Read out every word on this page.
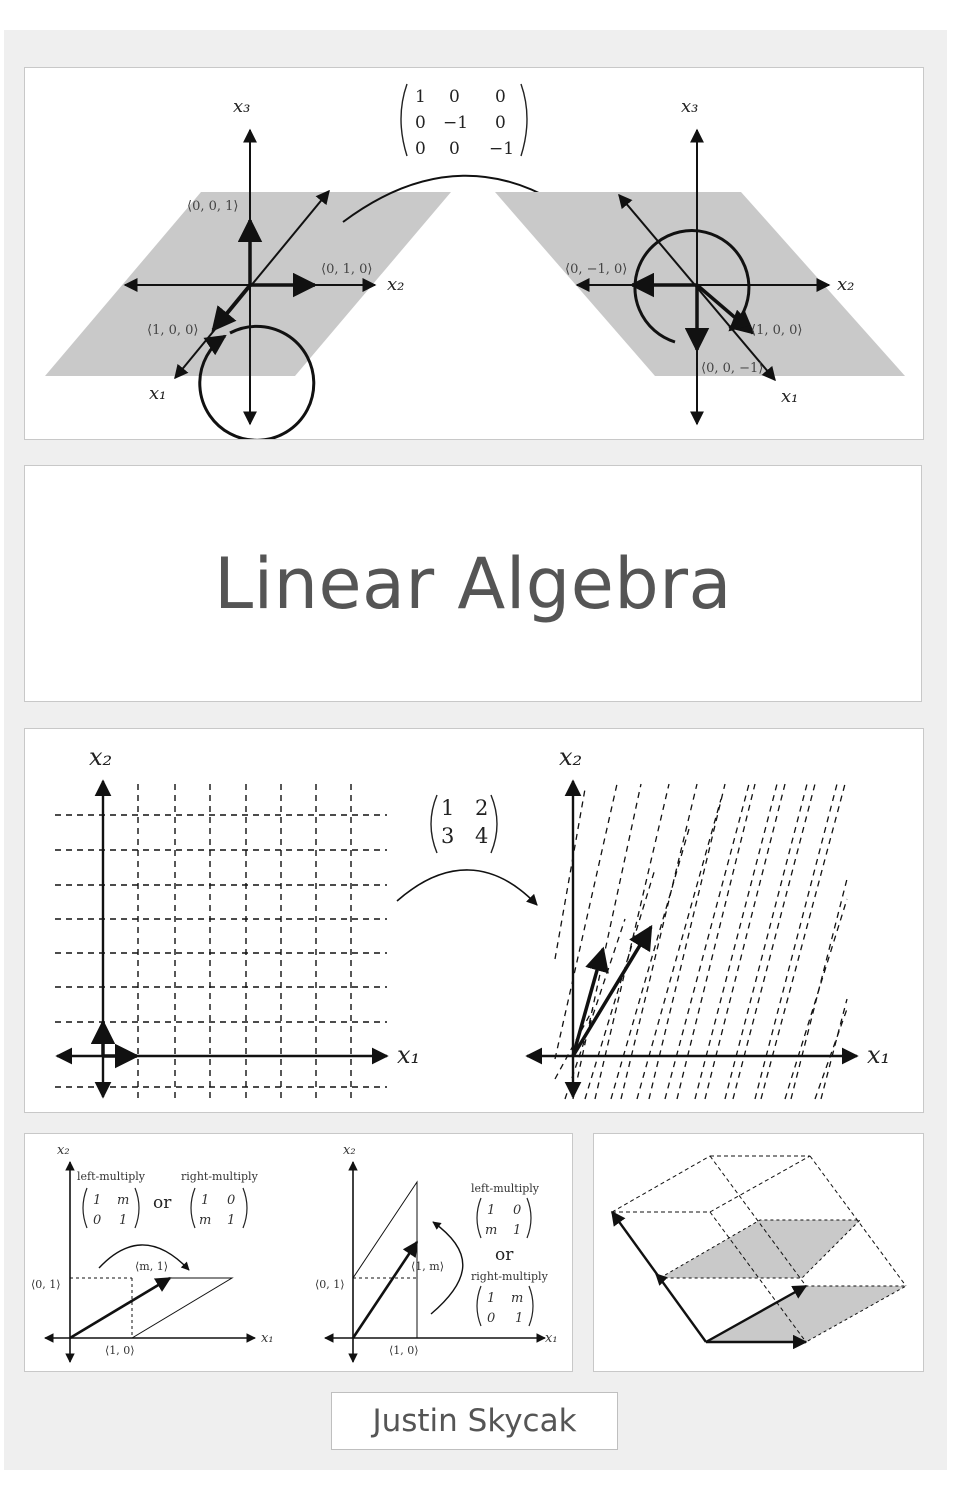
x₃
x₂
x₁
⟨0, 0, 1⟩
⟨0, 1, 0⟩
⟨1, 0, 0⟩
1 0 0
0 −1 0
0 0 −1
x₃
x₂
x₁
⟨0, −1, 0⟩
⟨1, 0, 0⟩
⟨0, 0, −1⟩
Linear Algebra
x₂
x₁
1 2
3 4
x₂
x₁
x₂
x₁
left-multiply	right-multiply
or
1 m
0 1
1 0
m 1
⟨m, 1⟩
⟨0, 1⟩
⟨1, 0⟩
x₂
x₁
left-multiply
1 0
m 1
or
right-multiply
1 m
0 1
⟨1, m⟩
⟨0, 1⟩
⟨1, 0⟩
Justin Skycak
